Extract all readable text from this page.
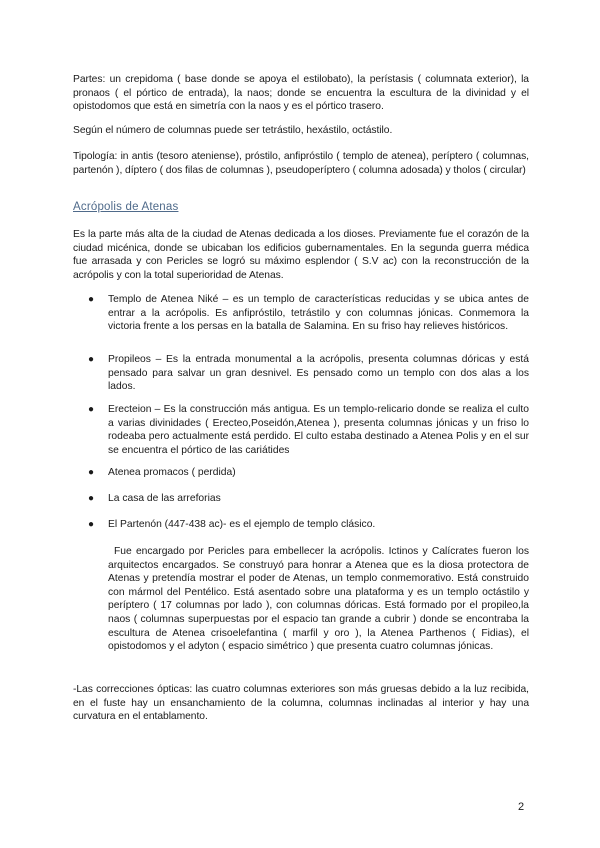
Partes: un crepidoma ( base donde se apoya el estilobato), la perístasis ( columnata exterior), la pronaos ( el pórtico de entrada), la naos; donde se encuentra la escultura de la divinidad y el opistodomos que está en simetría con la naos y es el pórtico trasero.

Según el número de columnas puede ser tetrástilo, hexástilo, octástilo.

Tipología: in antis (tesoro ateniense), próstilo, anfipróstilo ( templo de atenea), períptero ( columnas, partenón ), díptero ( dos filas de columnas ), pseudoperíptero ( columna adosada) y tholos ( circular)

Acrópolis de Atenas

Es la parte más alta de la ciudad de Atenas dedicada a los dioses. Previamente fue el corazón de la ciudad micénica, donde se ubicaban los edificios gubernamentales. En la segunda guerra médica fue arrasada y con Pericles se logró su máximo esplendor ( S.V ac) con la reconstrucción de la acrópolis y con la total superioridad de Atenas.

● Templo de Atenea Niké – es un templo de características reducidas y se ubica antes de entrar a la acrópolis. Es anfipróstilo, tetrástilo y con columnas jónicas. Conmemora la victoria frente a los persas en la batalla de Salamina. En su friso hay relieves históricos.

● Propileos – Es la entrada monumental a la acrópolis, presenta columnas dóricas y está pensado para salvar un gran desnivel. Es pensado como un templo con dos alas a los lados.

● Erecteion – Es la construcción más antigua. Es un templo-relicario donde se realiza el culto a varias divinidades ( Erecteo,Poseidón,Atenea ), presenta columnas jónicas y un friso lo rodeaba pero actualmente está perdido. El culto estaba destinado a Atenea Polis y en el sur se encuentra el pórtico de las cariátides

● Atenea promacos ( perdida)

● La casa de las arreforias

● El Partenón (447-438 ac)- es el ejemplo de templo clásico.

Fue encargado por Pericles para embellecer la acrópolis. Ictinos y Calícrates fueron los arquitectos encargados. Se construyó para honrar a Atenea que es la diosa protectora de Atenas y pretendía mostrar el poder de Atenas, un templo conmemorativo. Está construido con mármol del Pentélico. Está asentado sobre una plataforma y es un templo octástilo y períptero ( 17 columnas por lado ), con columnas dóricas. Está formado por el propileo,la naos ( columnas superpuestas por el espacio tan grande a cubrir ) donde se encontraba la escultura de Atenea crisoelefantina ( marfil y oro ), la Atenea Parthenos ( Fidias), el opistodomos y el adyton ( espacio simétrico ) que presenta cuatro columnas jónicas.

-Las correcciones ópticas: las cuatro columnas exteriores son más gruesas debido a la luz recibida, en el fuste hay un ensanchamiento de la columna, columnas inclinadas al interior y hay una curvatura en el entablamento.

2
